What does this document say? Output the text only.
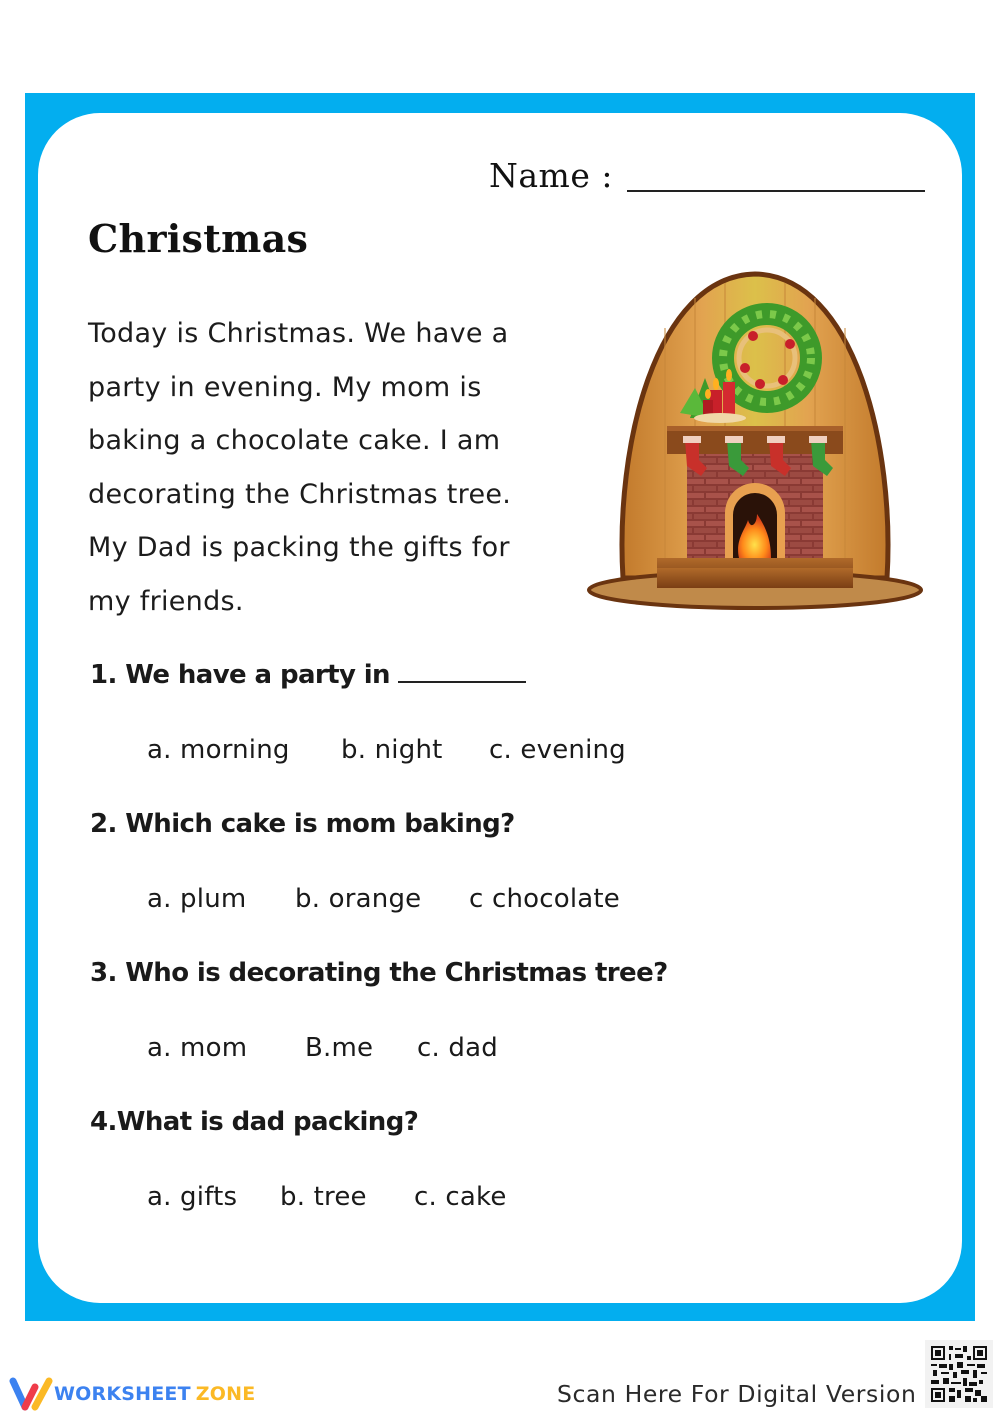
Name :
Christmas
Today is Christmas. We have a
party in evening. My mom is
baking a chocolate cake. I am
decorating the Christmas tree.
My Dad is packing the gifts for
my friends.
1. We have a party in
a. morning b. night c. evening
2. Which cake is mom baking?
a. plum b. orange c chocolate
3. Who is decorating the Christmas tree?
a. mom B.me c. dad
4.What is dad packing?
a. gifts b. tree c. cake
WORKSHEET ZONE	Scan Here For Digital Version
